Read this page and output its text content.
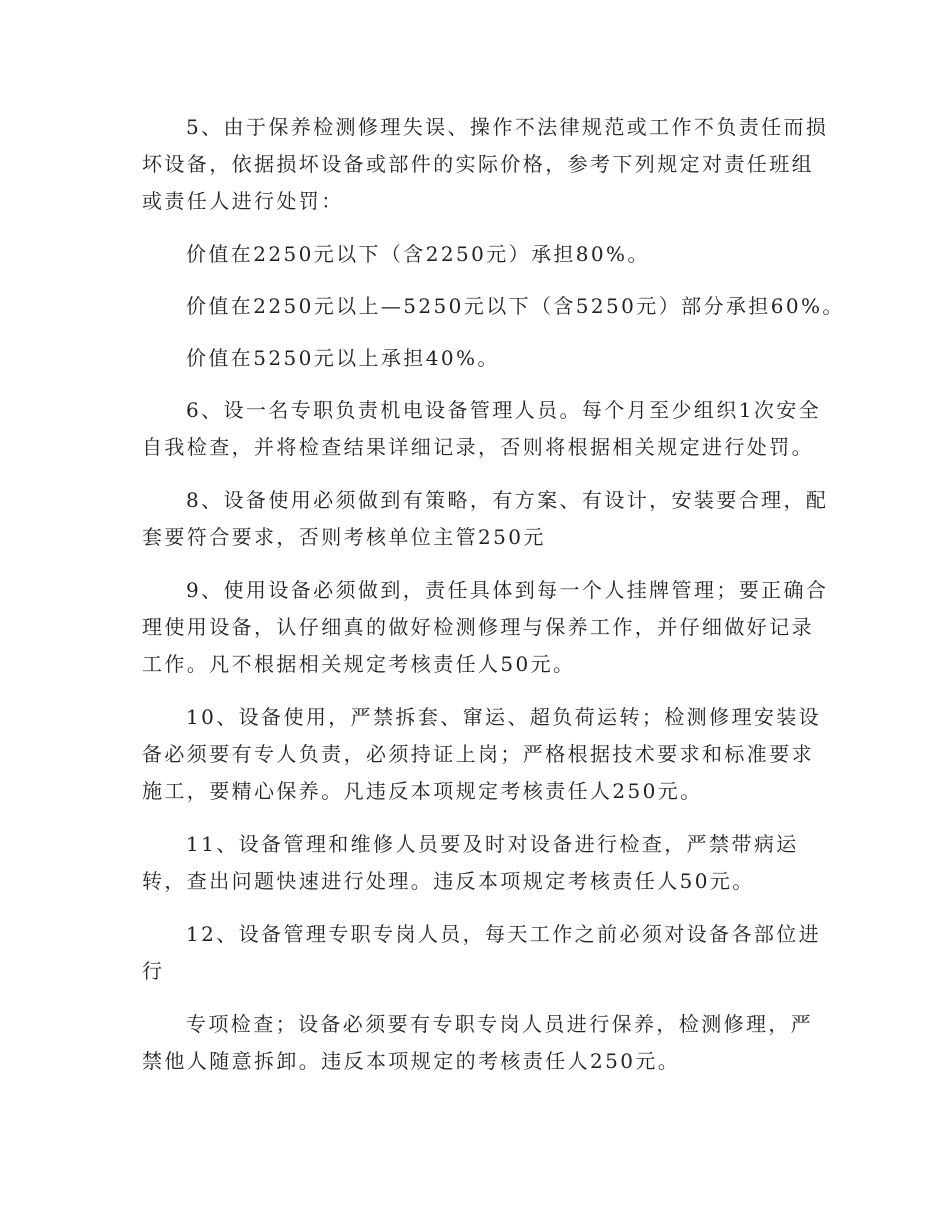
5、由于保养检测修理失误、操作不法律规范或工作不负责任而损
坏设备，依据损坏设备或部件的实际价格，参考下列规定对责任班组
或责任人进行处罚：
价值在2250元以下（含2250元）承担80%。
价值在2250元以上—5250元以下（含5250元）部分承担60%。
价值在5250元以上承担40%。
6、设一名专职负责机电设备管理人员。每个月至少组织1次安全
自我检查，并将检查结果详细记录，否则将根据相关规定进行处罚。
8、设备使用必须做到有策略，有方案、有设计，安装要合理，配
套要符合要求，否则考核单位主管250元
9、使用设备必须做到，责任具体到每一个人挂牌管理；要正确合
理使用设备，认仔细真的做好检测修理与保养工作，并仔细做好记录
工作。凡不根据相关规定考核责任人50元。
10、设备使用，严禁拆套、窜运、超负荷运转；检测修理安装设
备必须要有专人负责，必须持证上岗；严格根据技术要求和标准要求
施工，要精心保养。凡违反本项规定考核责任人250元。
11、设备管理和维修人员要及时对设备进行检查，严禁带病运
转，查出问题快速进行处理。违反本项规定考核责任人50元。
12、设备管理专职专岗人员，每天工作之前必须对设备各部位进
行
专项检查；设备必须要有专职专岗人员进行保养，检测修理，严
禁他人随意拆卸。违反本项规定的考核责任人250元。
